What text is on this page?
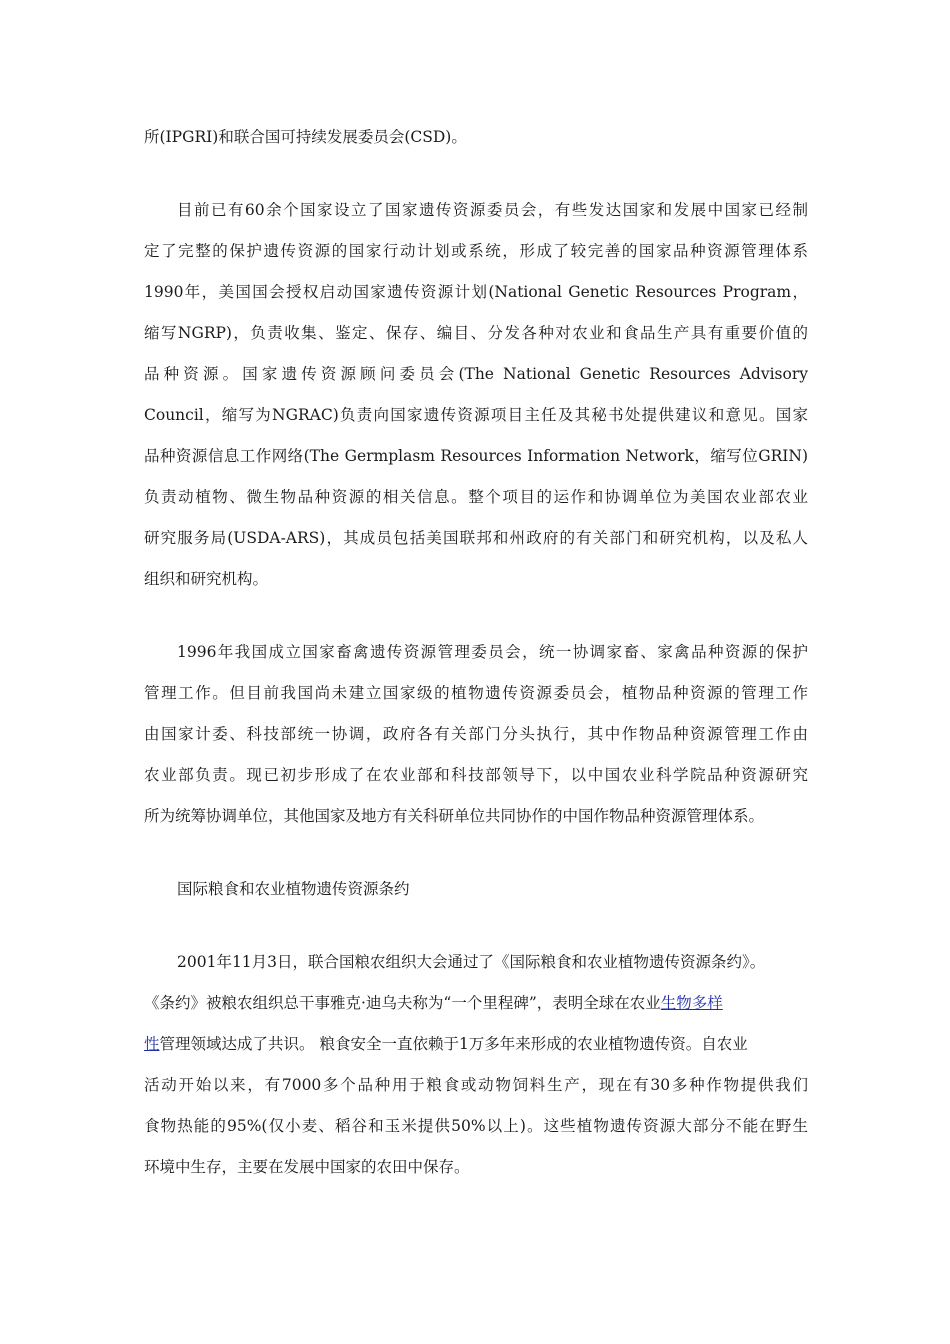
所(IPGRI)和联合国可持续发展委员会(CSD)。
目前已有60余个国家设立了国家遗传资源委员会，有些发达国家和发展中国家已经制
定了完整的保护遗传资源的国家行动计划或系统，形成了较完善的国家品种资源管理体系
1990年，美国国会授权启动国家遗传资源计划(National Genetic Resources Program，
缩写NGRP)，负责收集、鉴定、保存、编目、分发各种对农业和食品生产具有重要价值的
品种资源。国家遗传资源顾问委员会(The National Genetic Resources Advisory
Council，缩写为NGRAC)负责向国家遗传资源项目主任及其秘书处提供建议和意见。国家
品种资源信息工作网络(The Germplasm Resources Information Network，缩写位GRIN)
负责动植物、微生物品种资源的相关信息。整个项目的运作和协调单位为美国农业部农业
研究服务局(USDA-ARS)，其成员包括美国联邦和州政府的有关部门和研究机构，以及私人
组织和研究机构。
1996年我国成立国家畜禽遗传资源管理委员会，统一协调家畜、家禽品种资源的保护
管理工作。但目前我国尚未建立国家级的植物遗传资源委员会，植物品种资源的管理工作
由国家计委、科技部统一协调，政府各有关部门分头执行，其中作物品种资源管理工作由
农业部负责。现已初步形成了在农业部和科技部领导下，以中国农业科学院品种资源研究
所为统筹协调单位，其他国家及地方有关科研单位共同协作的中国作物品种资源管理体系。
国际粮食和农业植物遗传资源条约
2001年11月3日，联合国粮农组织大会通过了《国际粮食和农业植物遗传资源条约》。
《条约》被粮农组织总干事雅克·迪乌夫称为“一个里程碑”，表明全球在农业生物多样
性管理领域达成了共识。 粮食安全一直依赖于1万多年来形成的农业植物遗传资。自农业
活动开始以来，有7000多个品种用于粮食或动物饲料生产，现在有30多种作物提供我们
食物热能的95%(仅小麦、稻谷和玉米提供50%以上)。这些植物遗传资源大部分不能在野生
环境中生存，主要在发展中国家的农田中保存。
